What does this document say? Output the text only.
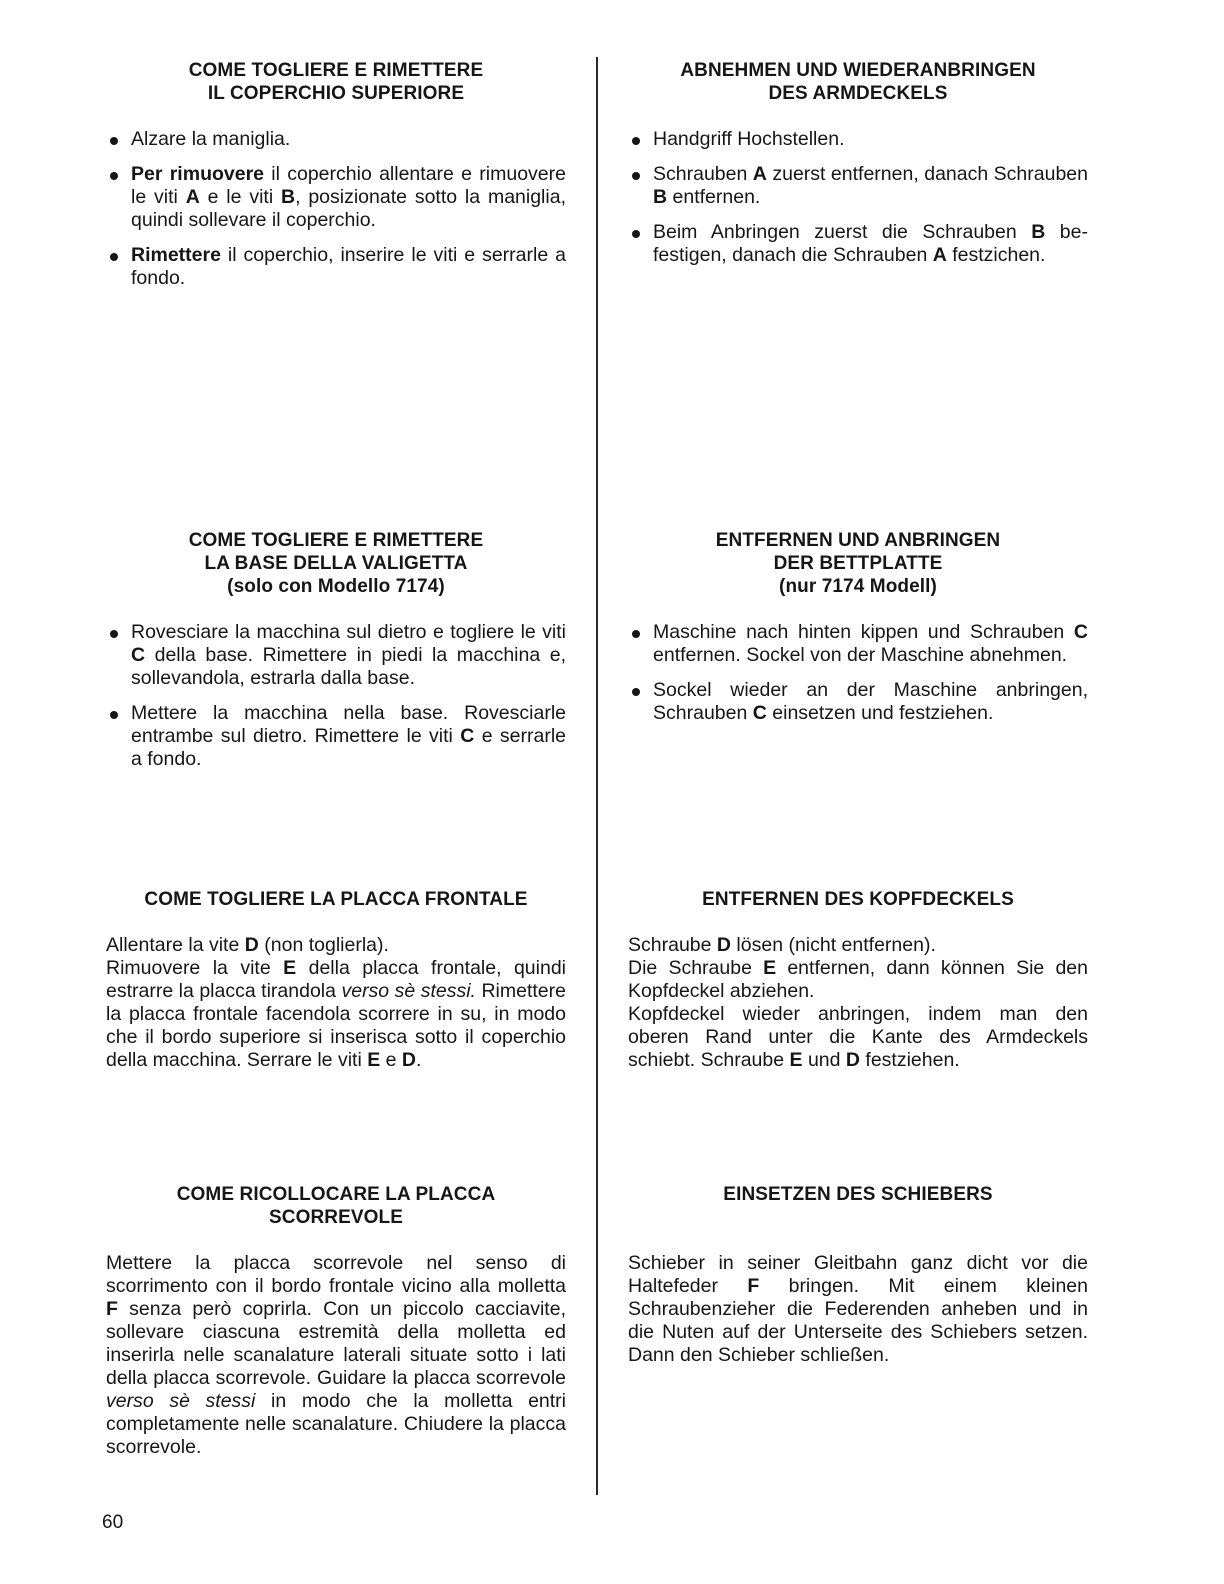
COME TOGLIERE E RIMETTERE
IL COPERCHIO SUPERIORE
Alzare la maniglia.
Per rimuovere il coperchio allentare e rimuovere le viti A e le viti B, posizionate sotto la maniglia, quindi sollevare il coperchio.
Rimettere il coperchio, inserire le viti e serrarle a fondo.
ABNEHMEN UND WIEDERANBRINGEN
DES ARMDECKELS
Handgriff Hochstellen.
Schrauben A zuerst entfernen, danach Schrauben B entfernen.
Beim Anbringen zuerst die Schrauben B befestigen, danach die Schrauben A festzichen.
COME TOGLIERE E RIMETTERE
LA BASE DELLA VALIGETTA
(solo con Modello 7174)
Rovesciare la macchina sul dietro e togliere le viti C della base. Rimettere in piedi la macchina e, sollevandola, estrarla dalla base.
Mettere la macchina nella base. Rovesciarle entrambe sul dietro. Rimettere le viti C e serrarle a fondo.
ENTFERNEN UND ANBRINGEN
DER BETTPLATTE
(nur 7174 Modell)
Maschine nach hinten kippen und Schrauben C entfernen. Sockel von der Maschine abnehmen.
Sockel wieder an der Maschine anbringen, Schrauben C einsetzen und festziehen.
COME TOGLIERE LA PLACCA FRONTALE

Allentare la vite D (non toglierla).
Rimuovere la vite E della placca frontale, quindi estrarre la placca tirandola verso sè stessi. Rimettere la placca frontale facendola scorrere in su, in modo che il bordo superiore si inserisca sotto il coperchio della macchina. Serrare le viti E e D.

ENTFERNEN DES KOPFDECKELS

Schraube D lösen (nicht entfernen).
Die Schraube E entfernen, dann können Sie den Kopfdeckel abziehen.
Kopfdeckel wieder anbringen, indem man den oberen Rand unter die Kante des Armdeckels schiebt. Schraube E und D festziehen.

COME RICOLLOCARE LA PLACCA
SCORREVOLE

Mettere la placca scorrevole nel senso di scorrimento con il bordo frontale vicino alla molletta F senza però coprirla. Con un piccolo cacciavite, sollevare ciascuna estremità della molletta ed inserirla nelle scanalature laterali situate sotto i lati della placca scorrevole. Guidare la placca scorrevole verso sè stessi in modo che la molletta entri completamente nelle scanalature. Chiudere la placca scorrevole.

EINSETZEN DES SCHIEBERS

Schieber in seiner Gleitbahn ganz dicht vor die Haltefeder F bringen. Mit einem kleinen Schraubenzieher die Federenden anheben und in die Nuten auf der Unterseite des Schiebers setzen. Dann den Schieber schließen.

60
